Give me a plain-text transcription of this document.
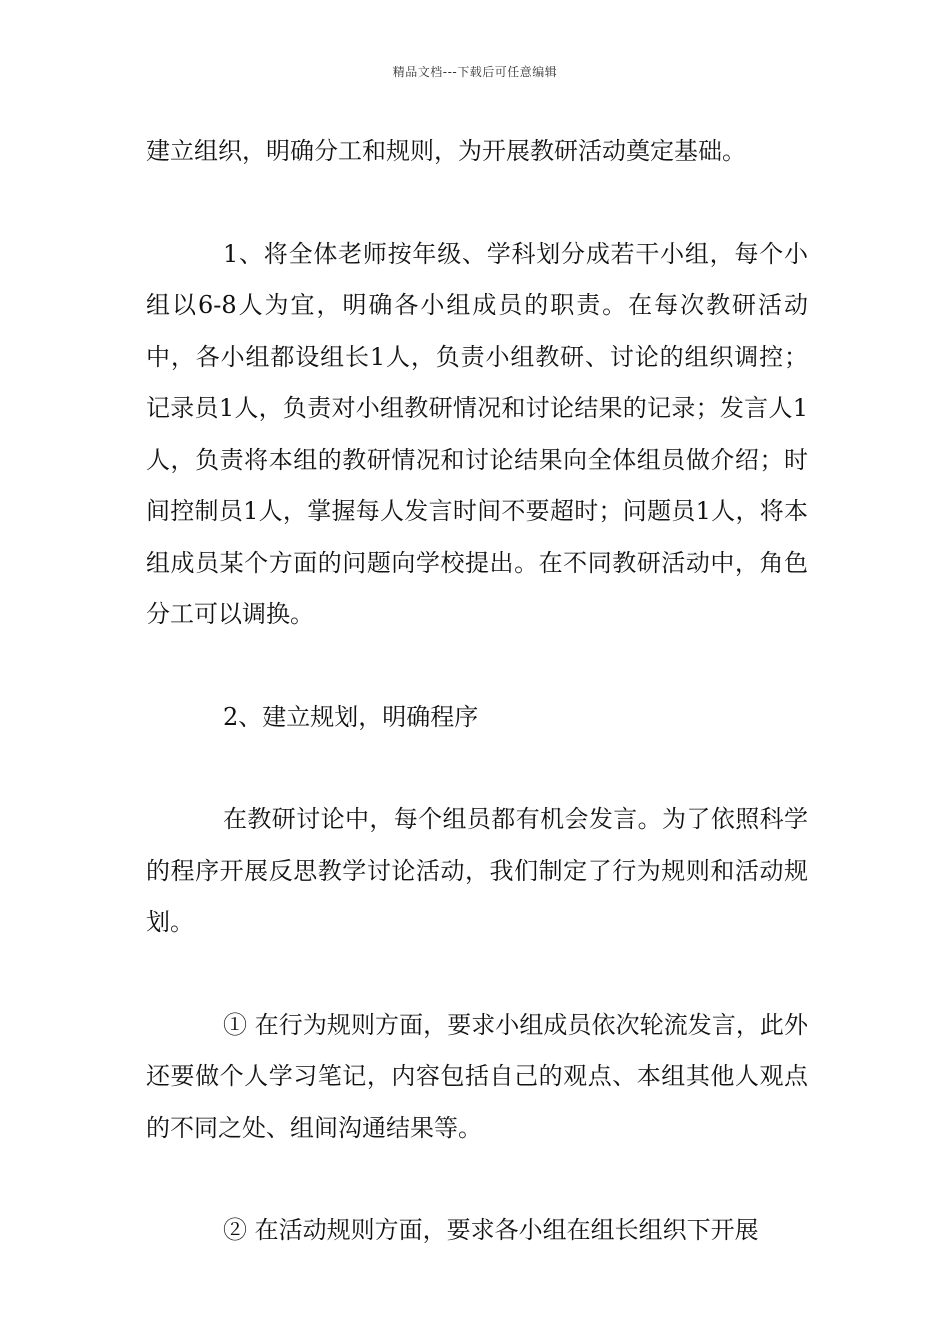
精品文档---下载后可任意编辑

建立组织，明确分工和规则，为开展教研活动奠定基础。

1、将全体老师按年级、学科划分成若干小组，每个小组以6-8人为宜，明确各小组成员的职责。在每次教研活动中，各小组都设组长1人，负责小组教研、讨论的组织调控；记录员1人，负责对小组教研情况和讨论结果的记录；发言人1人，负责将本组的教研情况和讨论结果向全体组员做介绍；时间控制员1人，掌握每人发言时间不要超时；问题员1人，将本组成员某个方面的问题向学校提出。在不同教研活动中，角色分工可以调换。

2、建立规划，明确程序

在教研讨论中，每个组员都有机会发言。为了依照科学的程序开展反思教学讨论活动，我们制定了行为规则和活动规划。

① 在行为规则方面，要求小组成员依次轮流发言，此外还要做个人学习笔记，内容包括自己的观点、本组其他人观点的不同之处、组间沟通结果等。

② 在活动规则方面，要求各小组在组长组织下开展
